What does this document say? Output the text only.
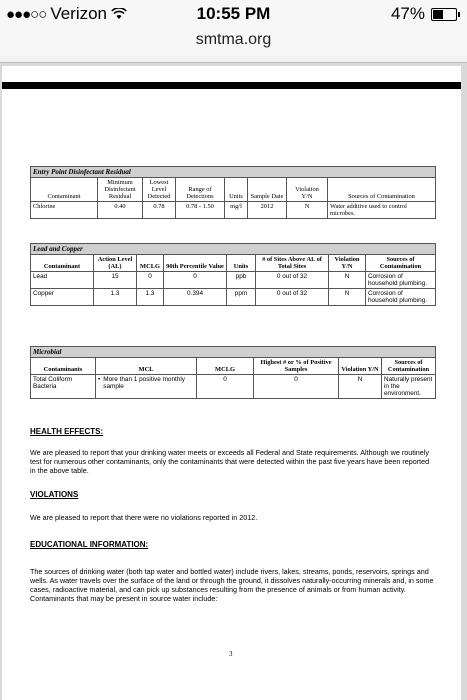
●●●○○ Verizon	10:55 PM	47%
smtma.org
Entry Point Disinfectant Residual							
Contaminant	Minimum Disinfectant Residual	Lowest Level Detected	Range of Detections	Units	Sample Date	Violation Y/N	Sources of Contamination
Chlorine	0.40	0.78	0.78 - 1.50	mg/l	2012	N	Water additive used to control microbes.
Lead and Copper							
Contaminant	Action Level (AL)	MCLG	90th Percentile Value	Units	# of Sites Above AL of Total Sites	Violation Y/N	Sources of Contamination
Lead	15	0	0	ppb	0 out of 32	N	Corrosion of household plumbing.
Copper	1.3	1.3	0.394	ppm	0 out of 32	N	Corrosion of household plumbing.
Microbial					
Contaminants	MCL	MCLG	Highest # or % of Positive Samples	Violation Y/N	Sources of Contamination
Total Coliform Bacteria	• More than 1 positive monthly sample	0	0	N	Naturally present in the environment.
HEALTH EFFECTS:

We are pleased to report that your drinking water meets or exceeds all Federal and State requirements. Although we routinely test for numerous other contaminants, only the contaminants that were detected within the past five years have been reported in the above table.

VIOLATIONS

We are pleased to report that there were no violations reported in 2012.

EDUCATIONAL INFORMATION:

The sources of drinking water (both tap water and bottled water) include rivers, lakes, streams, ponds, reservoirs, springs and wells. As water travels over the surface of the land or through the ground, it dissolves naturally-occurring minerals and, in some cases, radioactive material, and can pick up substances resulting from the presence of animals or from human activity. Contaminants that may be present in source water include:

3
